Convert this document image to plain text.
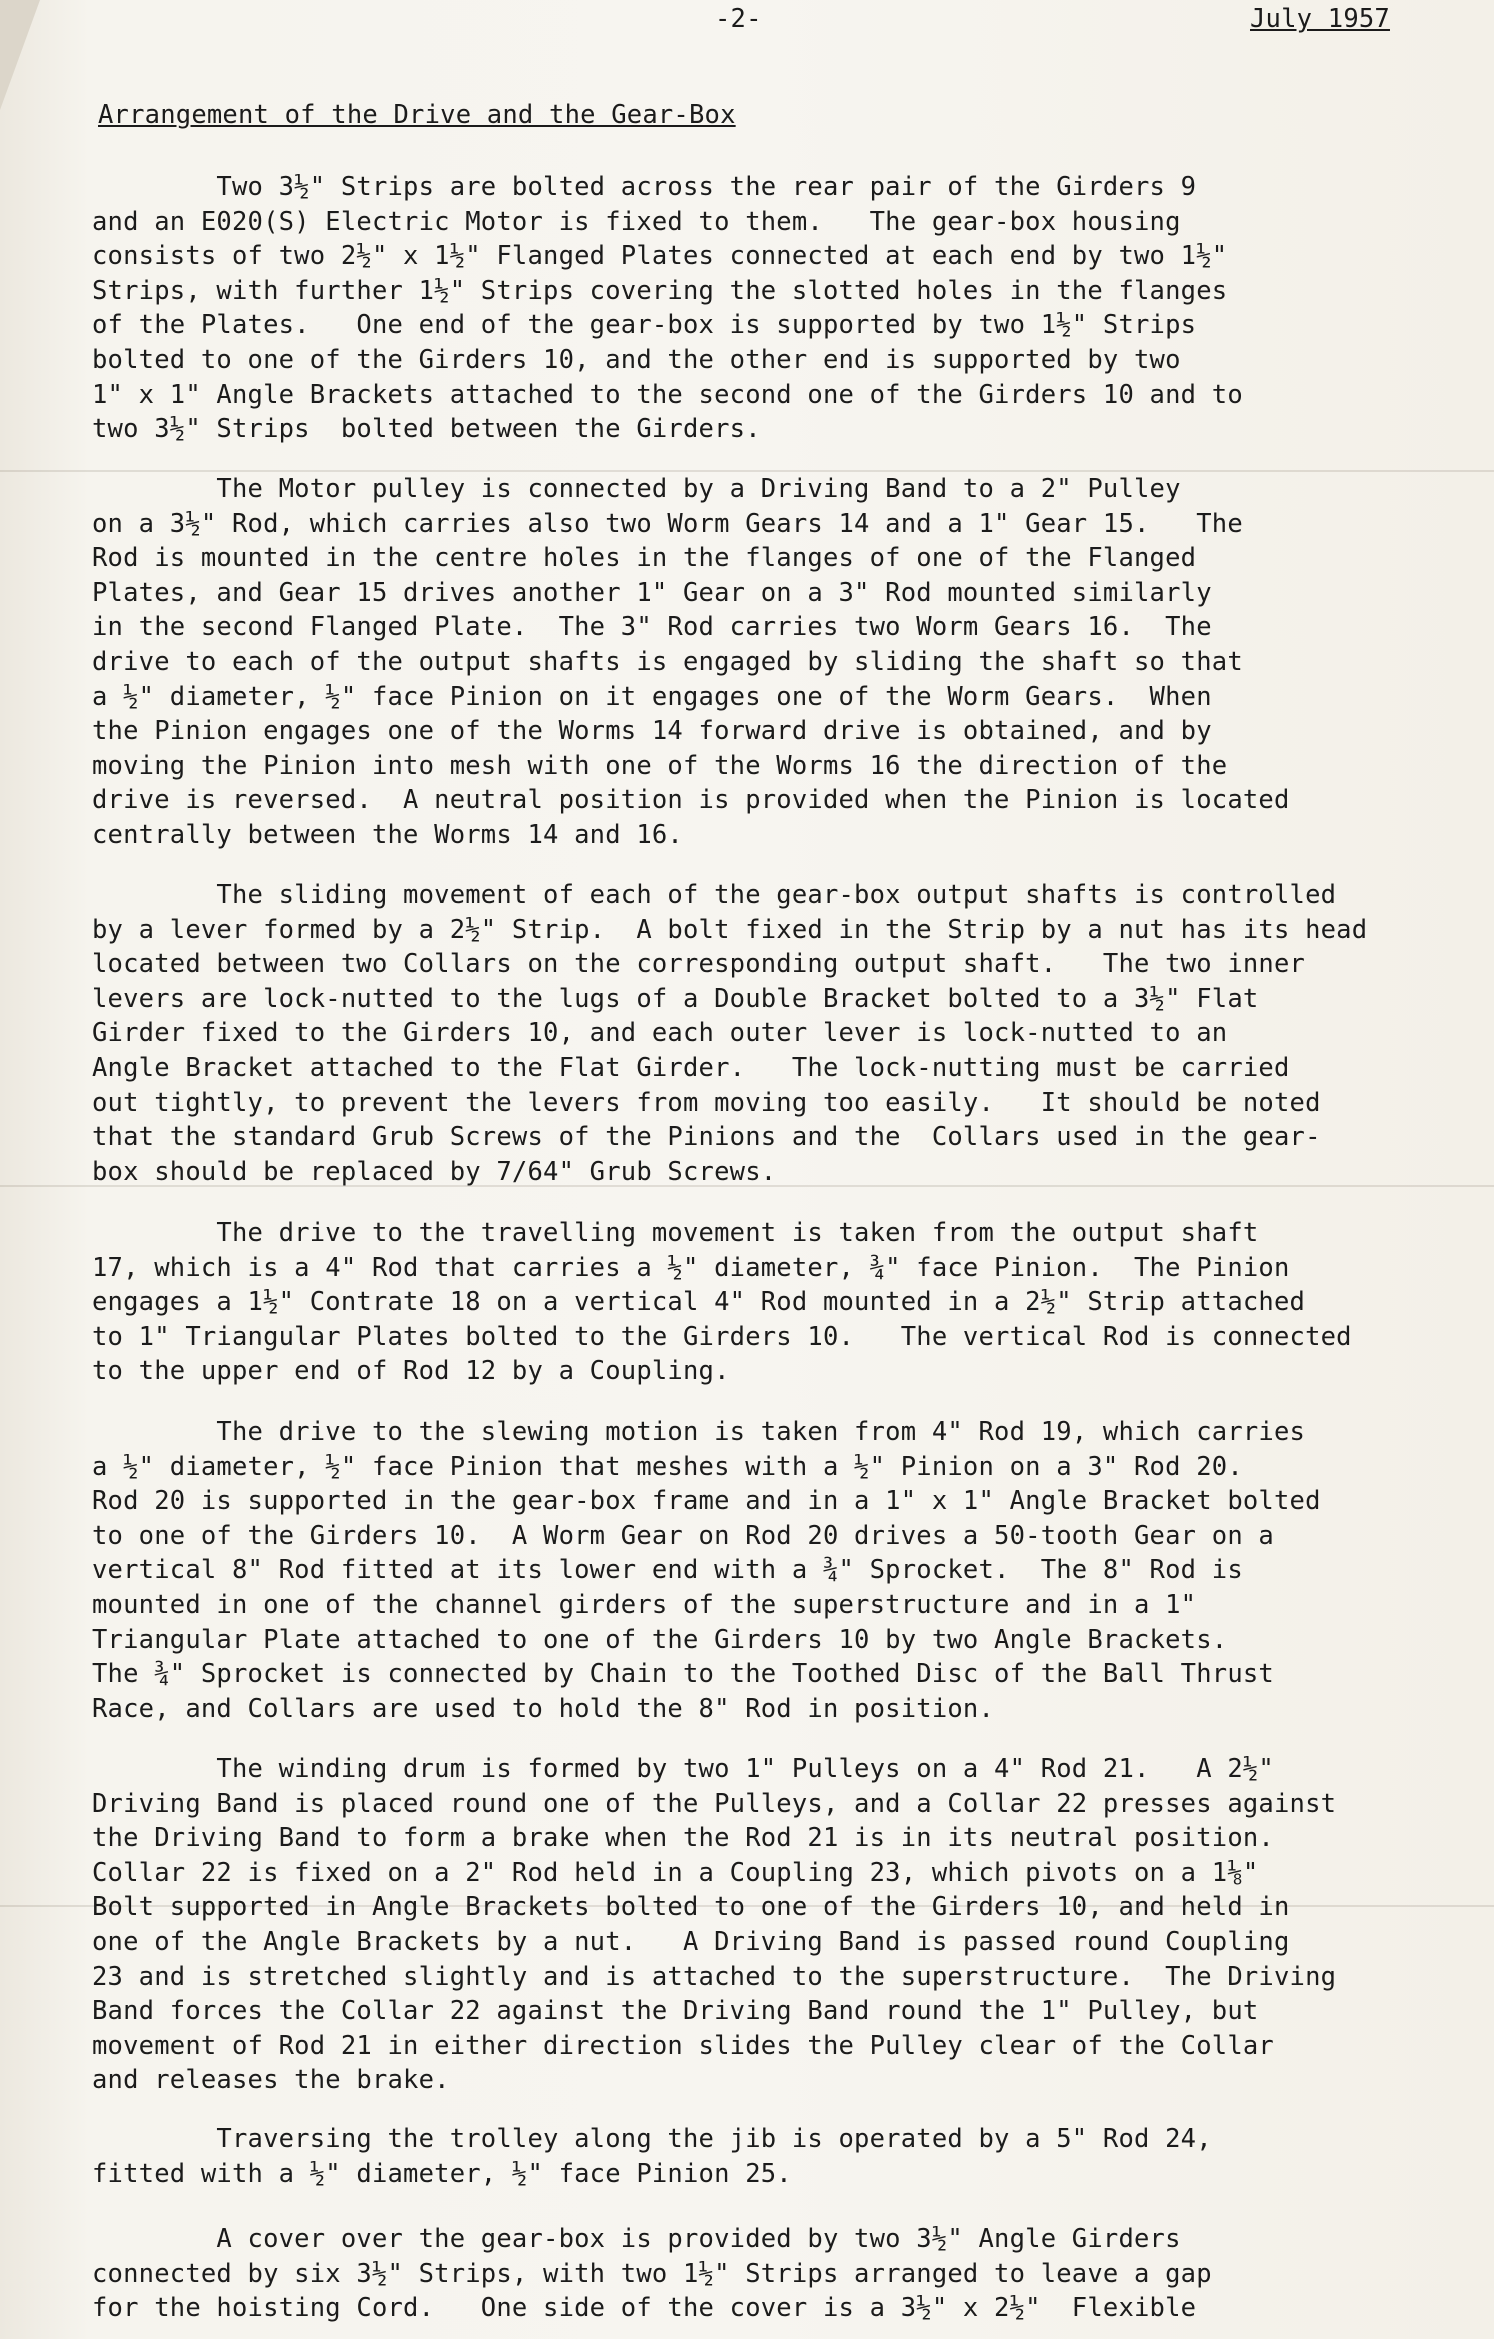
-2-	July 1957
Arrangement of the Drive and the Gear-Box
Two 3½" Strips are bolted across the rear pair of the Girders 9
and an E020(S) Electric Motor is fixed to them.   The gear-box housing
consists of two 2½" x 1½" Flanged Plates connected at each end by two 1½"
Strips, with further 1½" Strips covering the slotted holes in the flanges
of the Plates.   One end of the gear-box is supported by two 1½" Strips
bolted to one of the Girders 10, and the other end is supported by two
1" x 1" Angle Brackets attached to the second one of the Girders 10 and to
two 3½" Strips  bolted between the Girders.
The Motor pulley is connected by a Driving Band to a 2" Pulley
on a 3½" Rod, which carries also two Worm Gears 14 and a 1" Gear 15.   The
Rod is mounted in the centre holes in the flanges of one of the Flanged
Plates, and Gear 15 drives another 1" Gear on a 3" Rod mounted similarly
in the second Flanged Plate.  The 3" Rod carries two Worm Gears 16.  The
drive to each of the output shafts is engaged by sliding the shaft so that
a ½" diameter, ½" face Pinion on it engages one of the Worm Gears.  When
the Pinion engages one of the Worms 14 forward drive is obtained, and by
moving the Pinion into mesh with one of the Worms 16 the direction of the
drive is reversed.  A neutral position is provided when the Pinion is located
centrally between the Worms 14 and 16.
The sliding movement of each of the gear-box output shafts is controlled
by a lever formed by a 2½" Strip.  A bolt fixed in the Strip by a nut has its head
located between two Collars on the corresponding output shaft.   The two inner
levers are lock-nutted to the lugs of a Double Bracket bolted to a 3½" Flat
Girder fixed to the Girders 10, and each outer lever is lock-nutted to an
Angle Bracket attached to the Flat Girder.   The lock-nutting must be carried
out tightly, to prevent the levers from moving too easily.   It should be noted
that the standard Grub Screws of the Pinions and the  Collars used in the gear-
box should be replaced by 7/64" Grub Screws.
The drive to the travelling movement is taken from the output shaft
17, which is a 4" Rod that carries a ½" diameter, ¾" face Pinion.  The Pinion
engages a 1½" Contrate 18 on a vertical 4" Rod mounted in a 2½" Strip attached
to 1" Triangular Plates bolted to the Girders 10.   The vertical Rod is connected
to the upper end of Rod 12 by a Coupling.
The drive to the slewing motion is taken from 4" Rod 19, which carries
a ½" diameter, ½" face Pinion that meshes with a ½" Pinion on a 3" Rod 20.
Rod 20 is supported in the gear-box frame and in a 1" x 1" Angle Bracket bolted
to one of the Girders 10.  A Worm Gear on Rod 20 drives a 50-tooth Gear on a
vertical 8" Rod fitted at its lower end with a ¾" Sprocket.  The 8" Rod is
mounted in one of the channel girders of the superstructure and in a 1"
Triangular Plate attached to one of the Girders 10 by two Angle Brackets.
The ¾" Sprocket is connected by Chain to the Toothed Disc of the Ball Thrust
Race, and Collars are used to hold the 8" Rod in position.
The winding drum is formed by two 1" Pulleys on a 4" Rod 21.   A 2½"
Driving Band is placed round one of the Pulleys, and a Collar 22 presses against
the Driving Band to form a brake when the Rod 21 is in its neutral position.
Collar 22 is fixed on a 2" Rod held in a Coupling 23, which pivots on a 1⅛"
Bolt supported in Angle Brackets bolted to one of the Girders 10, and held in
one of the Angle Brackets by a nut.   A Driving Band is passed round Coupling
23 and is stretched slightly and is attached to the superstructure.  The Driving
Band forces the Collar 22 against the Driving Band round the 1" Pulley, but
movement of Rod 21 in either direction slides the Pulley clear of the Collar
and releases the brake.
Traversing the trolley along the jib is operated by a 5" Rod 24,
fitted with a ½" diameter, ½" face Pinion 25.
A cover over the gear-box is provided by two 3½" Angle Girders
connected by six 3½" Strips, with two 1½" Strips arranged to leave a gap
for the hoisting Cord.   One side of the cover is a 3½" x 2½"  Flexible
